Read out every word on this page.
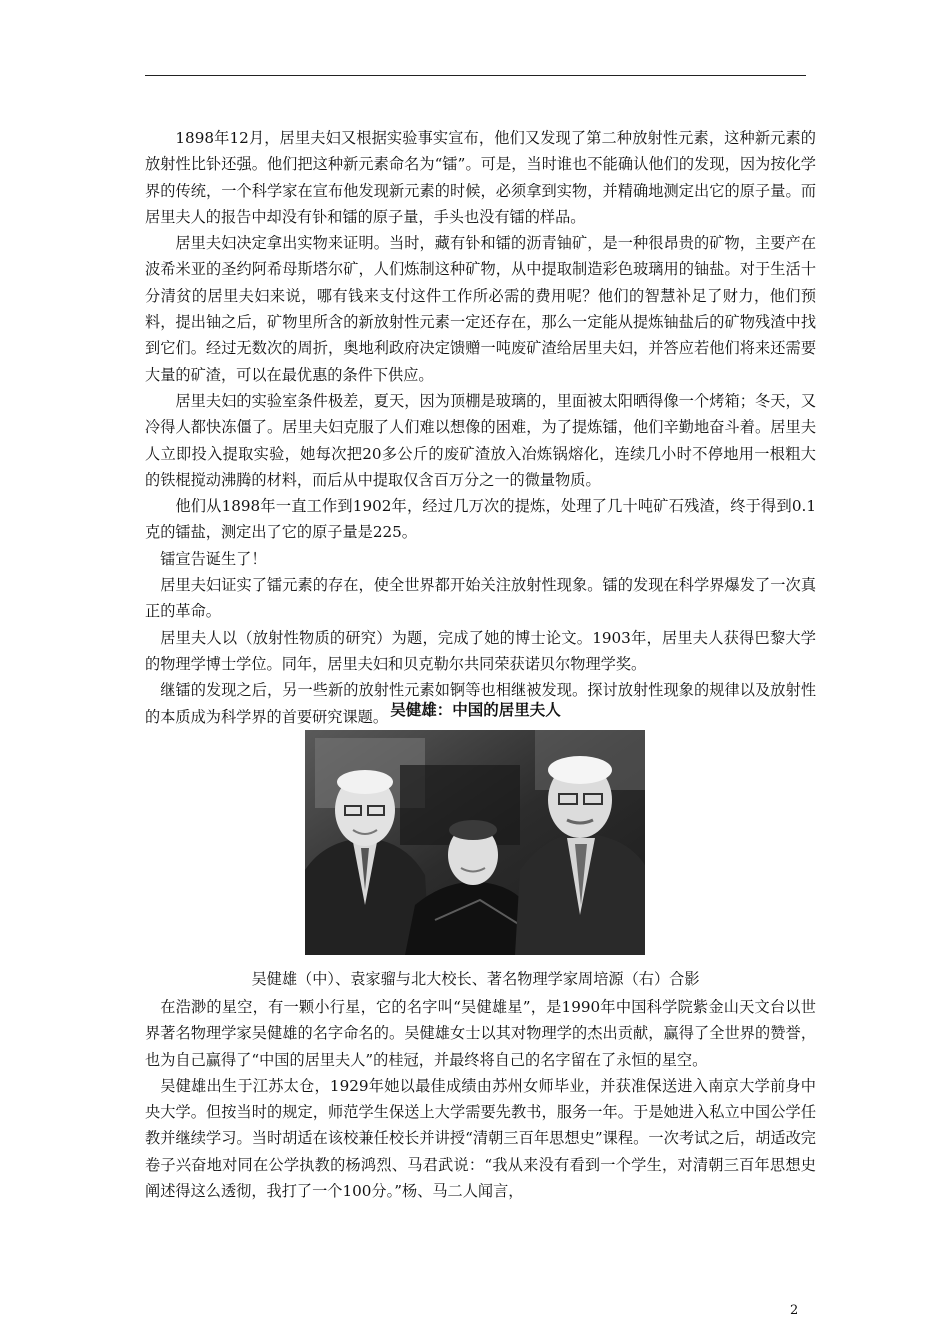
1898年12月，居里夫妇又根据实验事实宣布，他们又发现了第二种放射性元素，这种新元素的放射性比钋还强。他们把这种新元素命名为“镭”。可是，当时谁也不能确认他们的发现，因为按化学界的传统，一个科学家在宣布他发现新元素的时候，必须拿到实物，并精确地测定出它的原子量。而居里夫人的报告中却没有钋和镭的原子量，手头也没有镭的样品。

居里夫妇决定拿出实物来证明。当时，藏有钋和镭的沥青铀矿，是一种很昂贵的矿物，主要产在波希米亚的圣约阿希母斯塔尔矿，人们炼制这种矿物，从中提取制造彩色玻璃用的铀盐。对于生活十分清贫的居里夫妇来说，哪有钱来支付这件工作所必需的费用呢？他们的智慧补足了财力，他们预料，提出铀之后，矿物里所含的新放射性元素一定还存在，那么一定能从提炼铀盐后的矿物残渣中找到它们。经过无数次的周折，奥地利政府决定馈赠一吨废矿渣给居里夫妇，并答应若他们将来还需要大量的矿渣，可以在最优惠的条件下供应。

居里夫妇的实验室条件极差，夏天，因为顶棚是玻璃的，里面被太阳晒得像一个烤箱；冬天，又冷得人都快冻僵了。居里夫妇克服了人们难以想像的困难，为了提炼镭，他们辛勤地奋斗着。居里夫人立即投入提取实验，她每次把20多公斤的废矿渣放入冶炼锅熔化，连续几小时不停地用一根粗大的铁棍搅动沸腾的材料，而后从中提取仅含百万分之一的微量物质。

他们从1898年一直工作到1902年，经过几万次的提炼，处理了几十吨矿石残渣，终于得到0.1克的镭盐，测定出了它的原子量是225。

镭宣告诞生了！

居里夫妇证实了镭元素的存在，使全世界都开始关注放射性现象。镭的发现在科学界爆发了一次真正的革命。

居里夫人以（放射性物质的研究）为题，完成了她的博士论文。1903年，居里夫人获得巴黎大学的物理学博士学位。同年，居里夫妇和贝克勒尔共同荣获诺贝尔物理学奖。

继镭的发现之后，另一些新的放射性元素如锕等也相继被发现。探讨放射性现象的规律以及放射性的本质成为科学界的首要研究课题。 吴健雄：中国的居里夫人
吴健雄（中）、袁家骝与北大校长、著名物理学家周培源（右）合影

在浩渺的星空，有一颗小行星，它的名字叫“吴健雄星”，是1990年中国科学院紫金山天文台以世界著名物理学家吴健雄的名字命名的。吴健雄女士以其对物理学的杰出贡献，赢得了全世界的赞誉，也为自己赢得了“中国的居里夫人”的桂冠，并最终将自己的名字留在了永恒的星空。

吴健雄出生于江苏太仓，1929年她以最佳成绩由苏州女师毕业，并获准保送进入南京大学前身中央大学。但按当时的规定，师范学生保送上大学需要先教书，服务一年。于是她进入私立中国公学任教并继续学习。当时胡适在该校兼任校长并讲授“清朝三百年思想史”课程。一次考试之后，胡适改完卷子兴奋地对同在公学执教的杨鸿烈、马君武说：“我从来没有看到一个学生，对清朝三百年思想史阐述得这么透彻，我打了一个100分。”杨、马二人闻言，

2
